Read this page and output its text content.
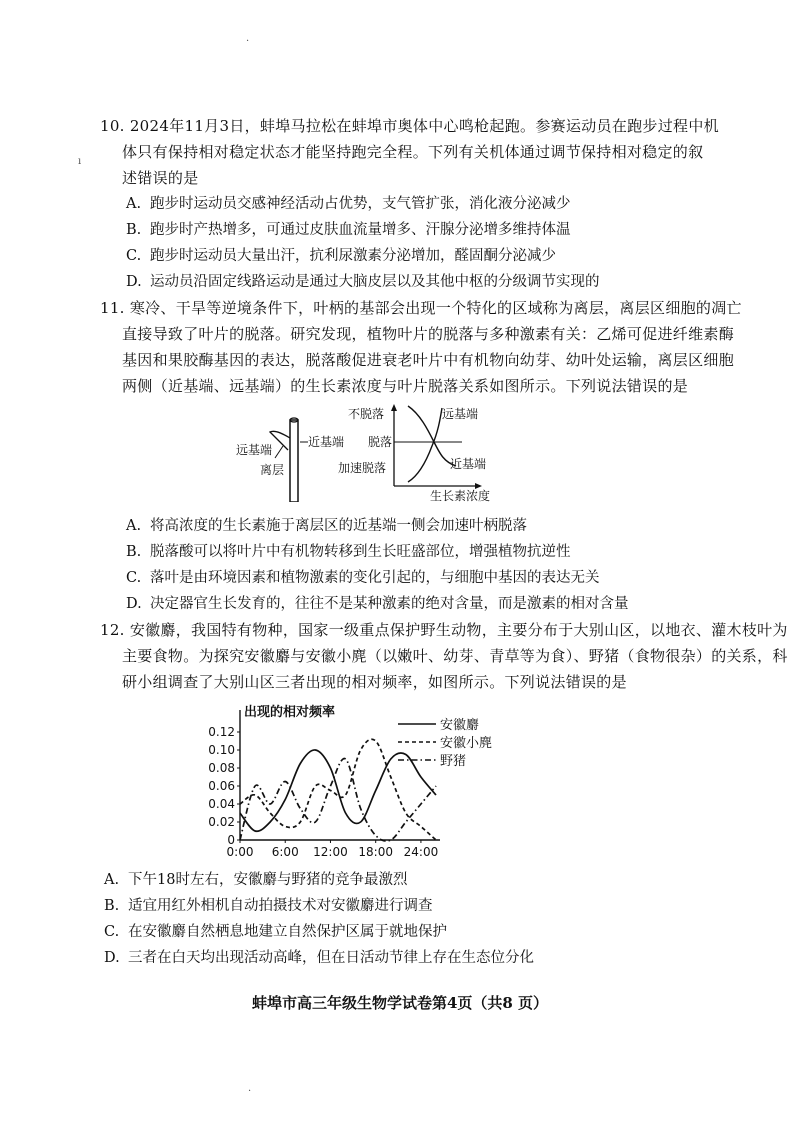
·
ı
10. 2024年11月3日，蚌埠马拉松在蚌埠市奥体中心鸣枪起跑。参赛运动员在跑步过程中机
体只有保持相对稳定状态才能坚持跑完全程。下列有关机体通过调节保持相对稳定的叙
述错误的是
A. 跑步时运动员交感神经活动占优势，支气管扩张，消化液分泌减少
B. 跑步时产热增多，可通过皮肤血流量增多、汗腺分泌增多维持体温
C. 跑步时运动员大量出汗，抗利尿激素分泌增加，醛固酮分泌减少
D. 运动员沿固定线路运动是通过大脑皮层以及其他中枢的分级调节实现的
11. 寒冷、干旱等逆境条件下，叶柄的基部会出现一个特化的区域称为离层，离层区细胞的凋亡
直接导致了叶片的脱落。研究发现，植物叶片的脱落与多种激素有关：乙烯可促进纤维素酶
基因和果胶酶基因的表达，脱落酸促进衰老叶片中有机物向幼芽、幼叶处运输，离层区细胞
两侧（近基端、远基端）的生长素浓度与叶片脱落关系如图所示。下列说法错误的是
远基端
近基端
离层
不脱落
脱落
加速脱落
远基端
近基端
生长素浓度
A. 将高浓度的生长素施于离层区的近基端一侧会加速叶柄脱落
B. 脱落酸可以将叶片中有机物转移到生长旺盛部位，增强植物抗逆性
C. 落叶是由环境因素和植物激素的变化引起的，与细胞中基因的表达无关
D. 决定器官生长发育的，往往不是某种激素的绝对含量，而是激素的相对含量
12. 安徽麝，我国特有物种，国家一级重点保护野生动物，主要分布于大别山区，以地衣、灌木枝叶为
主要食物。为探究安徽麝与安徽小麂（以嫩叶、幼芽、青草等为食）、野猪（食物很杂）的关系，科
研小组调查了大别山区三者出现的相对频率，如图所示。下列说法错误的是
出现的相对频率
0
0.02
0.04
0.06
0.08
0.10
0.12
0:00 6:00 12:00 18:00 24:00
安徽麝
安徽小麂
野猪
A. 下午18时左右，安徽麝与野猪的竞争最激烈
B. 适宜用红外相机自动拍摄技术对安徽麝进行调查
C. 在安徽麝自然栖息地建立自然保护区属于就地保护
D. 三者在白天均出现活动高峰，但在日活动节律上存在生态位分化
蚌埠市高三年级生物学试卷第4页（共8 页）
·
